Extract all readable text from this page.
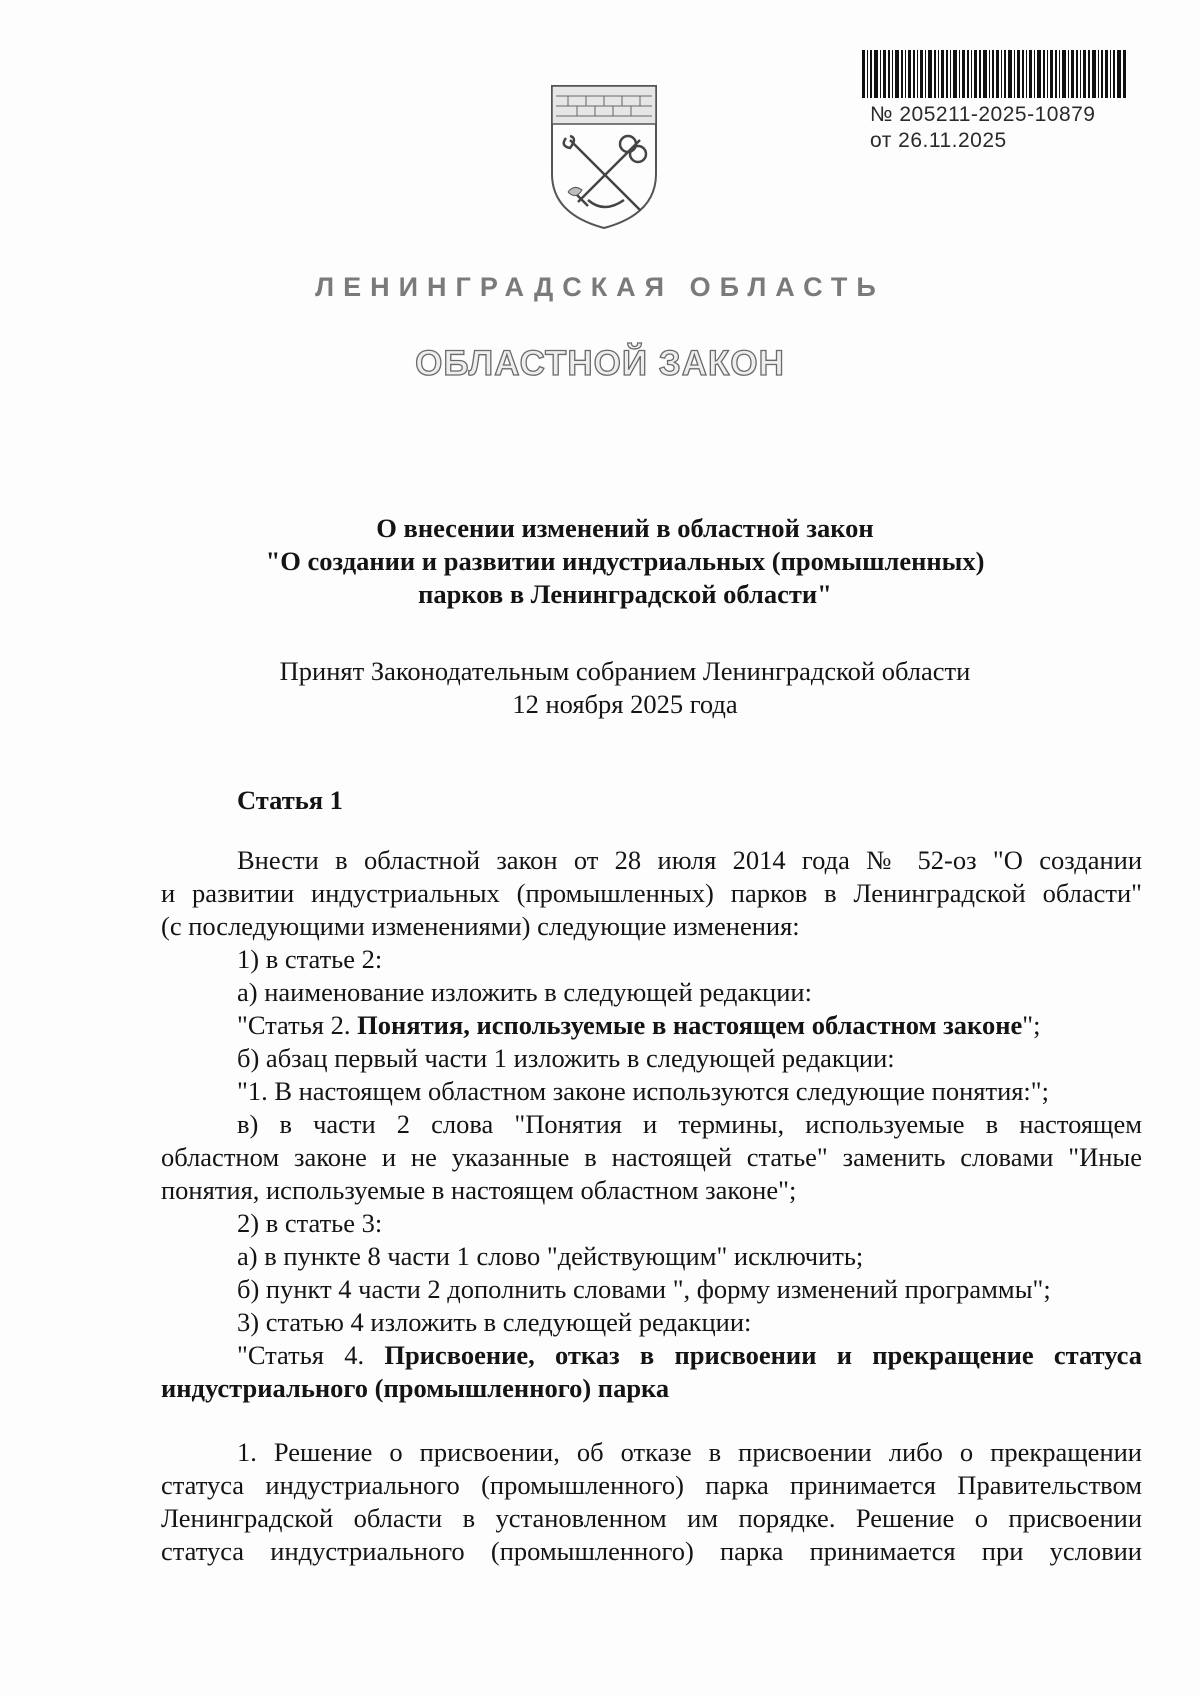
№ 205211-2025-10879
от 26.11.2025
ЛЕНИНГРАДСКАЯ ОБЛАСТЬ
ОБЛАСТНОЙ ЗАКОН
О внесении изменений в областной закон
"О создании и развитии индустриальных (промышленных)
парков в Ленинградской области"
Принят Законодательным собранием Ленинградской области
12 ноября 2025 года
Статья 1

Внести в областной закон от 28 июля 2014 года № 52-оз "О создании

и развитии индустриальных (промышленных) парков в Ленинградской области"

(с последующими изменениями) следующие изменения:

1) в статье 2:

а) наименование изложить в следующей редакции:

"Статья 2. Понятия, используемые в настоящем областном законе";

б) абзац первый части 1 изложить в следующей редакции:

"1. В настоящем областном законе используются следующие понятия:";

в) в части 2 слова "Понятия и термины, используемые в настоящем

областном законе и не указанные в настоящей статье" заменить словами "Иные

понятия, используемые в настоящем областном законе";

2) в статье 3:

а) в пункте 8 части 1 слово "действующим" исключить;

б) пункт 4 части 2 дополнить словами ", форму изменений программы";

3) статью 4 изложить в следующей редакции:

"Статья 4. Присвоение, отказ в присвоении и прекращение статуса

индустриального (промышленного) парка

1. Решение о присвоении, об отказе в присвоении либо о прекращении

статуса индустриального (промышленного) парка принимается Правительством

Ленинградской области в установленном им порядке. Решение о присвоении

статуса индустриального (промышленного) парка принимается при условии
